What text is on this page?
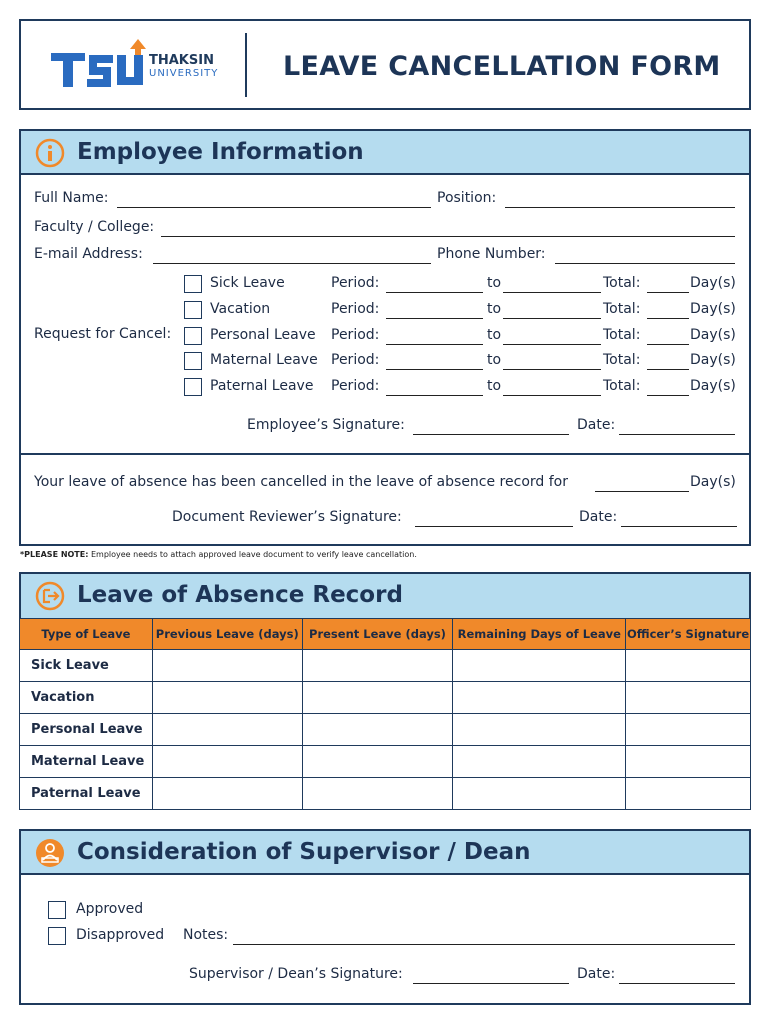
THAKSIN
UNIVERSITY LEAVE CANCELLATION FORM
Employee Information
Full Name:	Position:
Faculty / College:
E-mail Address:	Phone Number:
Request for Cancel:
Sick Leave	Period:	to	Total:	Day(s)
Vacation	Period:	to	Total:	Day(s)
Personal Leave Period:	to	Total:	Day(s)
Maternal Leave Period:	to	Total:	Day(s)
Paternal Leave Period:	to	Total:	Day(s)
Employee’s Signature:	Date:
Your leave of absence has been cancelled in the leave of absence record for	Day(s)
Document Reviewer’s Signature:	Date:
*PLEASE NOTE: Employee needs to attach approved leave document to verify leave cancellation.
Leave of Absence Record
Type of Leave	Previous Leave (days)	Present Leave (days)	Remaining Days of Leave	Officer’s Signature
Sick Leave				
Vacation				
Personal Leave				
Maternal Leave				
Paternal Leave				
Consideration of Supervisor / Dean
Approved
Disapproved Notes:
Supervisor / Dean’s Signature:	Date:
